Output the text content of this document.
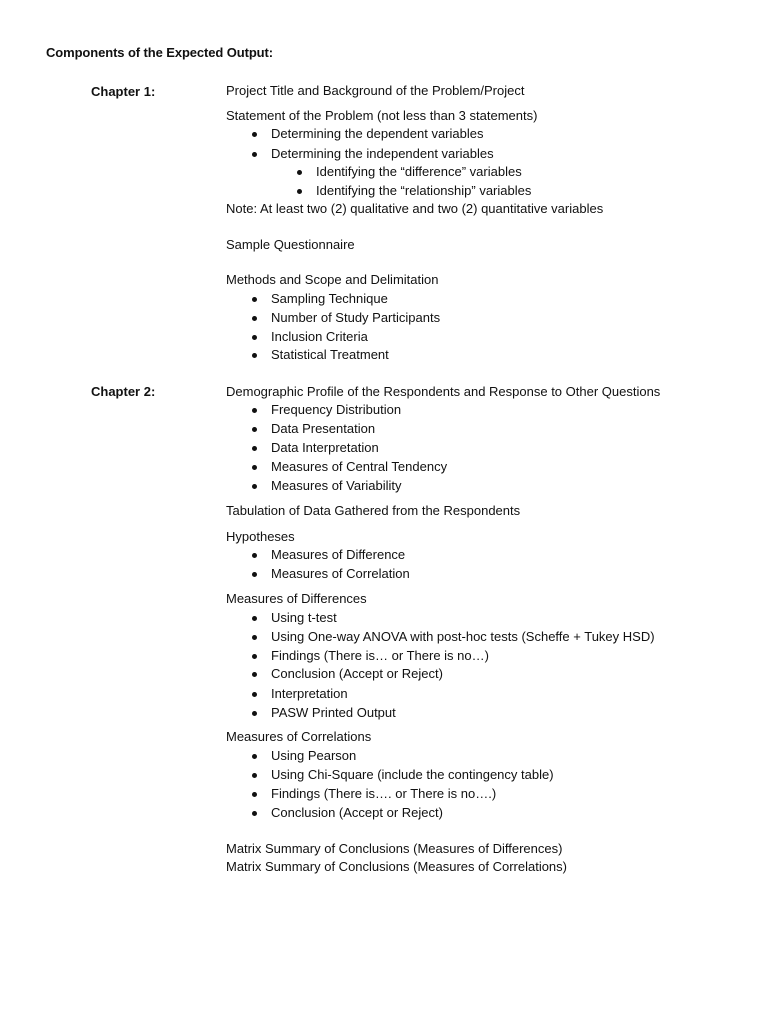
Components of the Expected Output:
Chapter 1:	Project Title and Background of the Problem/Project
Statement of the Problem (not less than 3 statements)
Determining the dependent variables
Determining the independent variables
Identifying the “difference” variables
Identifying the “relationship” variables
Note: At least two (2) qualitative and two (2) quantitative variables
Sample Questionnaire
Methods and Scope and Delimitation
Sampling Technique
Number of Study Participants
Inclusion Criteria
Statistical Treatment
Chapter 2:	Demographic Profile of the Respondents and Response to Other Questions
Frequency Distribution
Data Presentation
Data Interpretation
Measures of Central Tendency
Measures of Variability
Tabulation of Data Gathered from the Respondents
Hypotheses
Measures of Difference
Measures of Correlation
Measures of Differences
Using t-test
Using One-way ANOVA with post-hoc tests (Scheffe + Tukey HSD)
Findings (There is… or There is no…)
Conclusion (Accept or Reject)
Interpretation
PASW Printed Output
Measures of Correlations
Using Pearson
Using Chi-Square (include the contingency table)
Findings (There is…. or There is no….)
Conclusion (Accept or Reject)
Matrix Summary of Conclusions (Measures of Differences)
Matrix Summary of Conclusions (Measures of Correlations)
